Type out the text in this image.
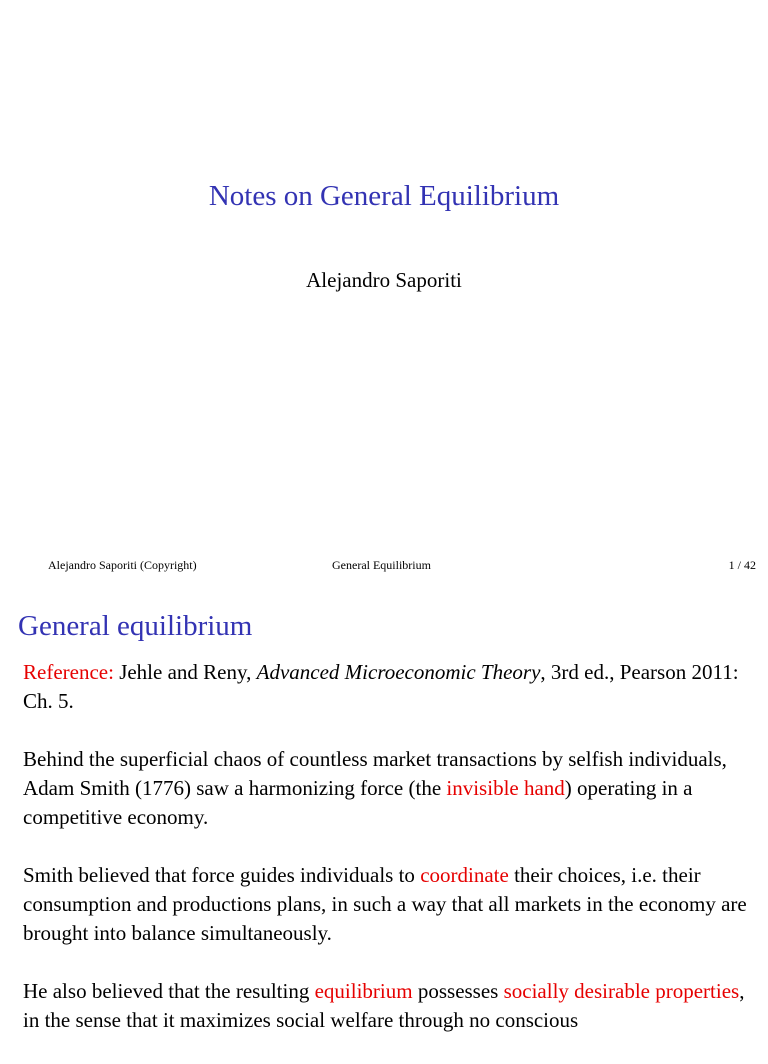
Notes on General Equilibrium
Alejandro Saporiti
Alejandro Saporiti (Copyright)	General Equilibrium	1 / 42
General equilibrium

Reference: Jehle and Reny, Advanced Microeconomic Theory, 3rd ed., Pearson 2011: Ch. 5.

Behind the superficial chaos of countless market transactions by selfish individuals, Adam Smith (1776) saw a harmonizing force (the invisible hand) operating in a competitive economy.

Smith believed that force guides individuals to coordinate their choices, i.e. their consumption and productions plans, in such a way that all markets in the economy are brought into balance simultaneously.

He also believed that the resulting equilibrium possesses socially desirable properties, in the sense that it maximizes social welfare through no conscious
